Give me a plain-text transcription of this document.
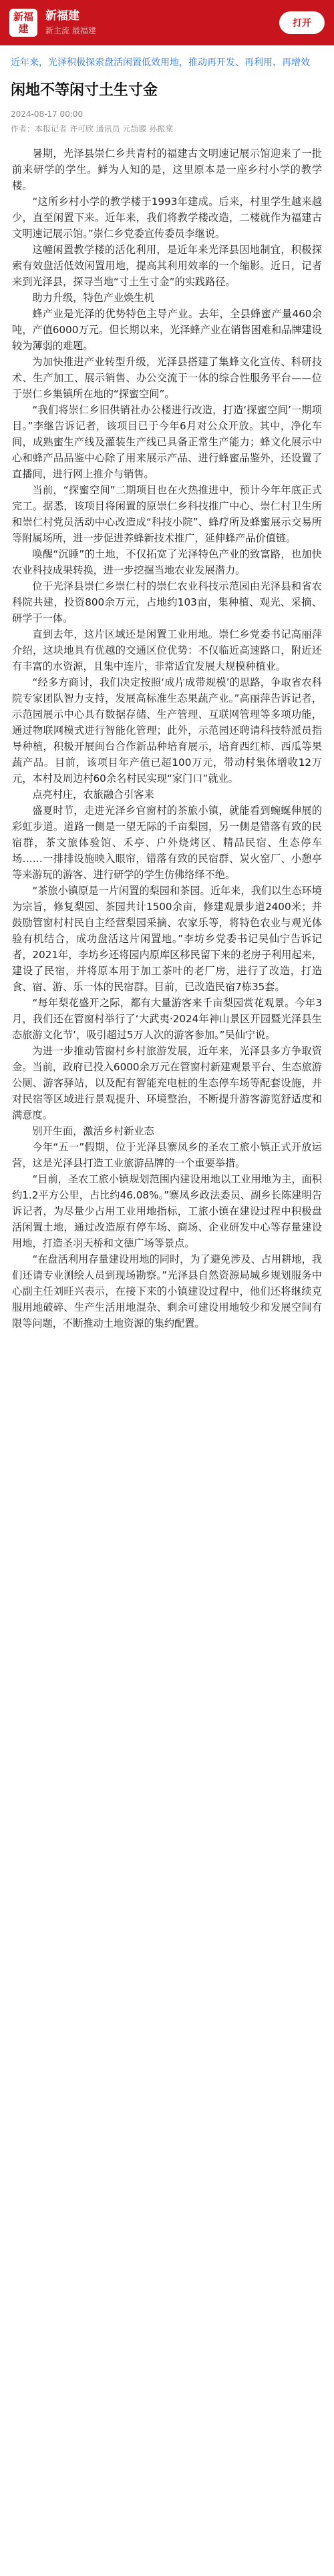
新福建
新福建
新主流 最福建
打开
近年来，光泽积极探索盘活闲置低效用地，推动再开发、再利用、再增效
闲地不等闲寸土生寸金
2024-08-17 00:00
作者：本报记者 许可欣 通讯员 元劼滕 孙振棠

暑期，光泽县崇仁乡共青村的福建古文明速记展示馆迎来了一批前来研学的学生。鲜为人知的是，这里原本是一座乡村小学的教学楼。

“这所乡村小学的教学楼于1993年建成。后来，村里学生越来越少，直至闲置下来。近年来，我们将教学楼改造，二楼就作为福建古文明速记展示馆。”崇仁乡党委宣传委员李继说。

这幢闲置教学楼的活化利用，是近年来光泽县因地制宜，积极探索有效盘活低效闲置用地，提高其利用效率的一个缩影。近日，记者来到光泽县，探寻当地“寸土生寸金”的实践路径。

助力升级，特色产业焕生机

蜂产业是光泽的优势特色主导产业。去年，全县蜂蜜产量460余吨，产值6000万元。但长期以来，光泽蜂产业在销售困难和品牌建设较为薄弱的难题。

为加快推进产业转型升级，光泽县搭建了集蜂文化宣传、科研技术、生产加工、展示销售、办公交流于一体的综合性服务平台——位于崇仁乡集镇所在地的“探蜜空间”。

“我们将崇仁乡旧供销社办公楼进行改造，打造‘探蜜空间’一期项目。”李继告诉记者，该项目已于今年6月对公众开放。其中，净化车间，成熟蜜生产线及灌装生产线已具备正常生产能力；蜂文化展示中心和蜂产品品鉴中心除了用来展示产品、进行蜂蜜品鉴外，还设置了直播间，进行网上推介与销售。

当前，“探蜜空间”二期项目也在火热推进中，预计今年年底正式完工。据悉，该项目将闲置的原崇仁乡科技推广中心、崇仁村卫生所和崇仁村党员活动中心改造成“科技小院”、蜂疗所及蜂蜜展示交易所等附属场所，进一步促进养蜂新技术推广，延伸蜂产品价值链。

唤醒“沉睡”的土地，不仅拓宽了光泽特色产业的致富路，也加快农业科技成果转换，进一步挖掘当地农业发展潜力。

位于光泽县崇仁乡崇仁村的崇仁农业科技示范园由光泽县和省农科院共建，投资800余万元，占地约103亩，集种植、观光、采摘、研学于一体。

直到去年，这片区域还是闲置工业用地。崇仁乡党委书记高丽萍介绍，这块地具有优越的交通区位优势：不仅临近高速路口，附近还有丰富的水资源，且集中连片，非常适宜发展大规模种植业。

“经多方商讨，我们决定按照‘成片成带规模’的思路，争取省农科院专家团队智力支持，发展高标准生态果蔬产业。”高丽萍告诉记者，示范园展示中心具有数据存储、生产管理、互联网管理等多项功能，通过物联网模式进行智能化管理；此外，示范园还聘请科技特派员指导种植，积极开展闽台合作新品种培育展示，培育西红柿、西瓜等果蔬产品。目前，该项目年产值已超100万元，带动村集体增收12万元，本村及周边村60余名村民实现“家门口”就业。

点亮村庄，农旅融合引客来

盛夏时节，走进光泽乡官窗村的茶旅小镇，就能看到蜿蜒伸展的彩虹步道。道路一侧是一望无际的千亩梨园，另一侧是错落有致的民宿群，茶文旅体验馆、禾亭、户外烧烤区、精品民宿、生态停车场……一排排设施映入眼帘，错落有致的民宿群、炭火窑厂、小憩亭等来游玩的游客、进行研学的学生仿佛络绎不绝。

“茶旅小镇原是一片闲置的梨园和茶园。近年来，我们以生态环境为宗旨，修复梨园、茶园共计1500余亩，修建观景步道2400米；并鼓励管窗村村民自主经营梨园采摘、农家乐等，将特色农业与观光体验有机结合，成功盘活这片闲置地。”李坊乡党委书记吴仙宁告诉记者，2021年，李坊乡还将园内原库区移民留下来的老房子利用起来，建设了民宿，并将原本用于加工茶叶的老厂房，进行了改造，打造食、宿、游、乐一体的民宿群。目前，已改造民宿7栋35套。

“每年梨花盛开之际，都有大量游客来千亩梨园赏花观景。今年3月，我们还在管窗村举行了‘大武夷·2024年神山景区开园暨光泽县生态旅游文化节’，吸引超过5万人次的游客参加。”吴仙宁说。

为进一步推动管窗村乡村旅游发展，近年来，光泽县多方争取资金。当前，政府已投入6000余万元在管窗村新建观景平台、生态旅游公厕、游客驿站，以及配有智能充电桩的生态停车场等配套设施，并对民宿等区域进行景观提升、环境整治，不断提升游客游览舒适度和满意度。

别开生面，激活乡村新业态

今年“五一”假期，位于光泽县寨凤乡的圣农工旅小镇正式开放运营，这是光泽县打造工业旅游品牌的一个重要举措。

“目前，圣农工旅小镇规划范围内建设用地以工业用地为主，面积约1.2平方公里，占比约46.08%。”寨凤乡政法委员、副乡长陈建明告诉记者，为尽量少占用工业用地指标，工旅小镇在建设过程中积极盘活闲置土地，通过改造原有停车场、商场、企业研发中心等存量建设用地，打造圣羽天桥和文德广场等景点。

“在盘活利用存量建设用地的同时，为了避免涉及、占用耕地，我们还请专业测绘人员到现场勘察。”光泽县自然资源局城乡规划服务中心副主任刘旺兴表示，在接下来的小镇建设过程中，他们还将继续克服用地破碎、生产生活用地混杂、剩余可建设用地较少和发展空间有限等问题，不断推动土地资源的集约配置。
